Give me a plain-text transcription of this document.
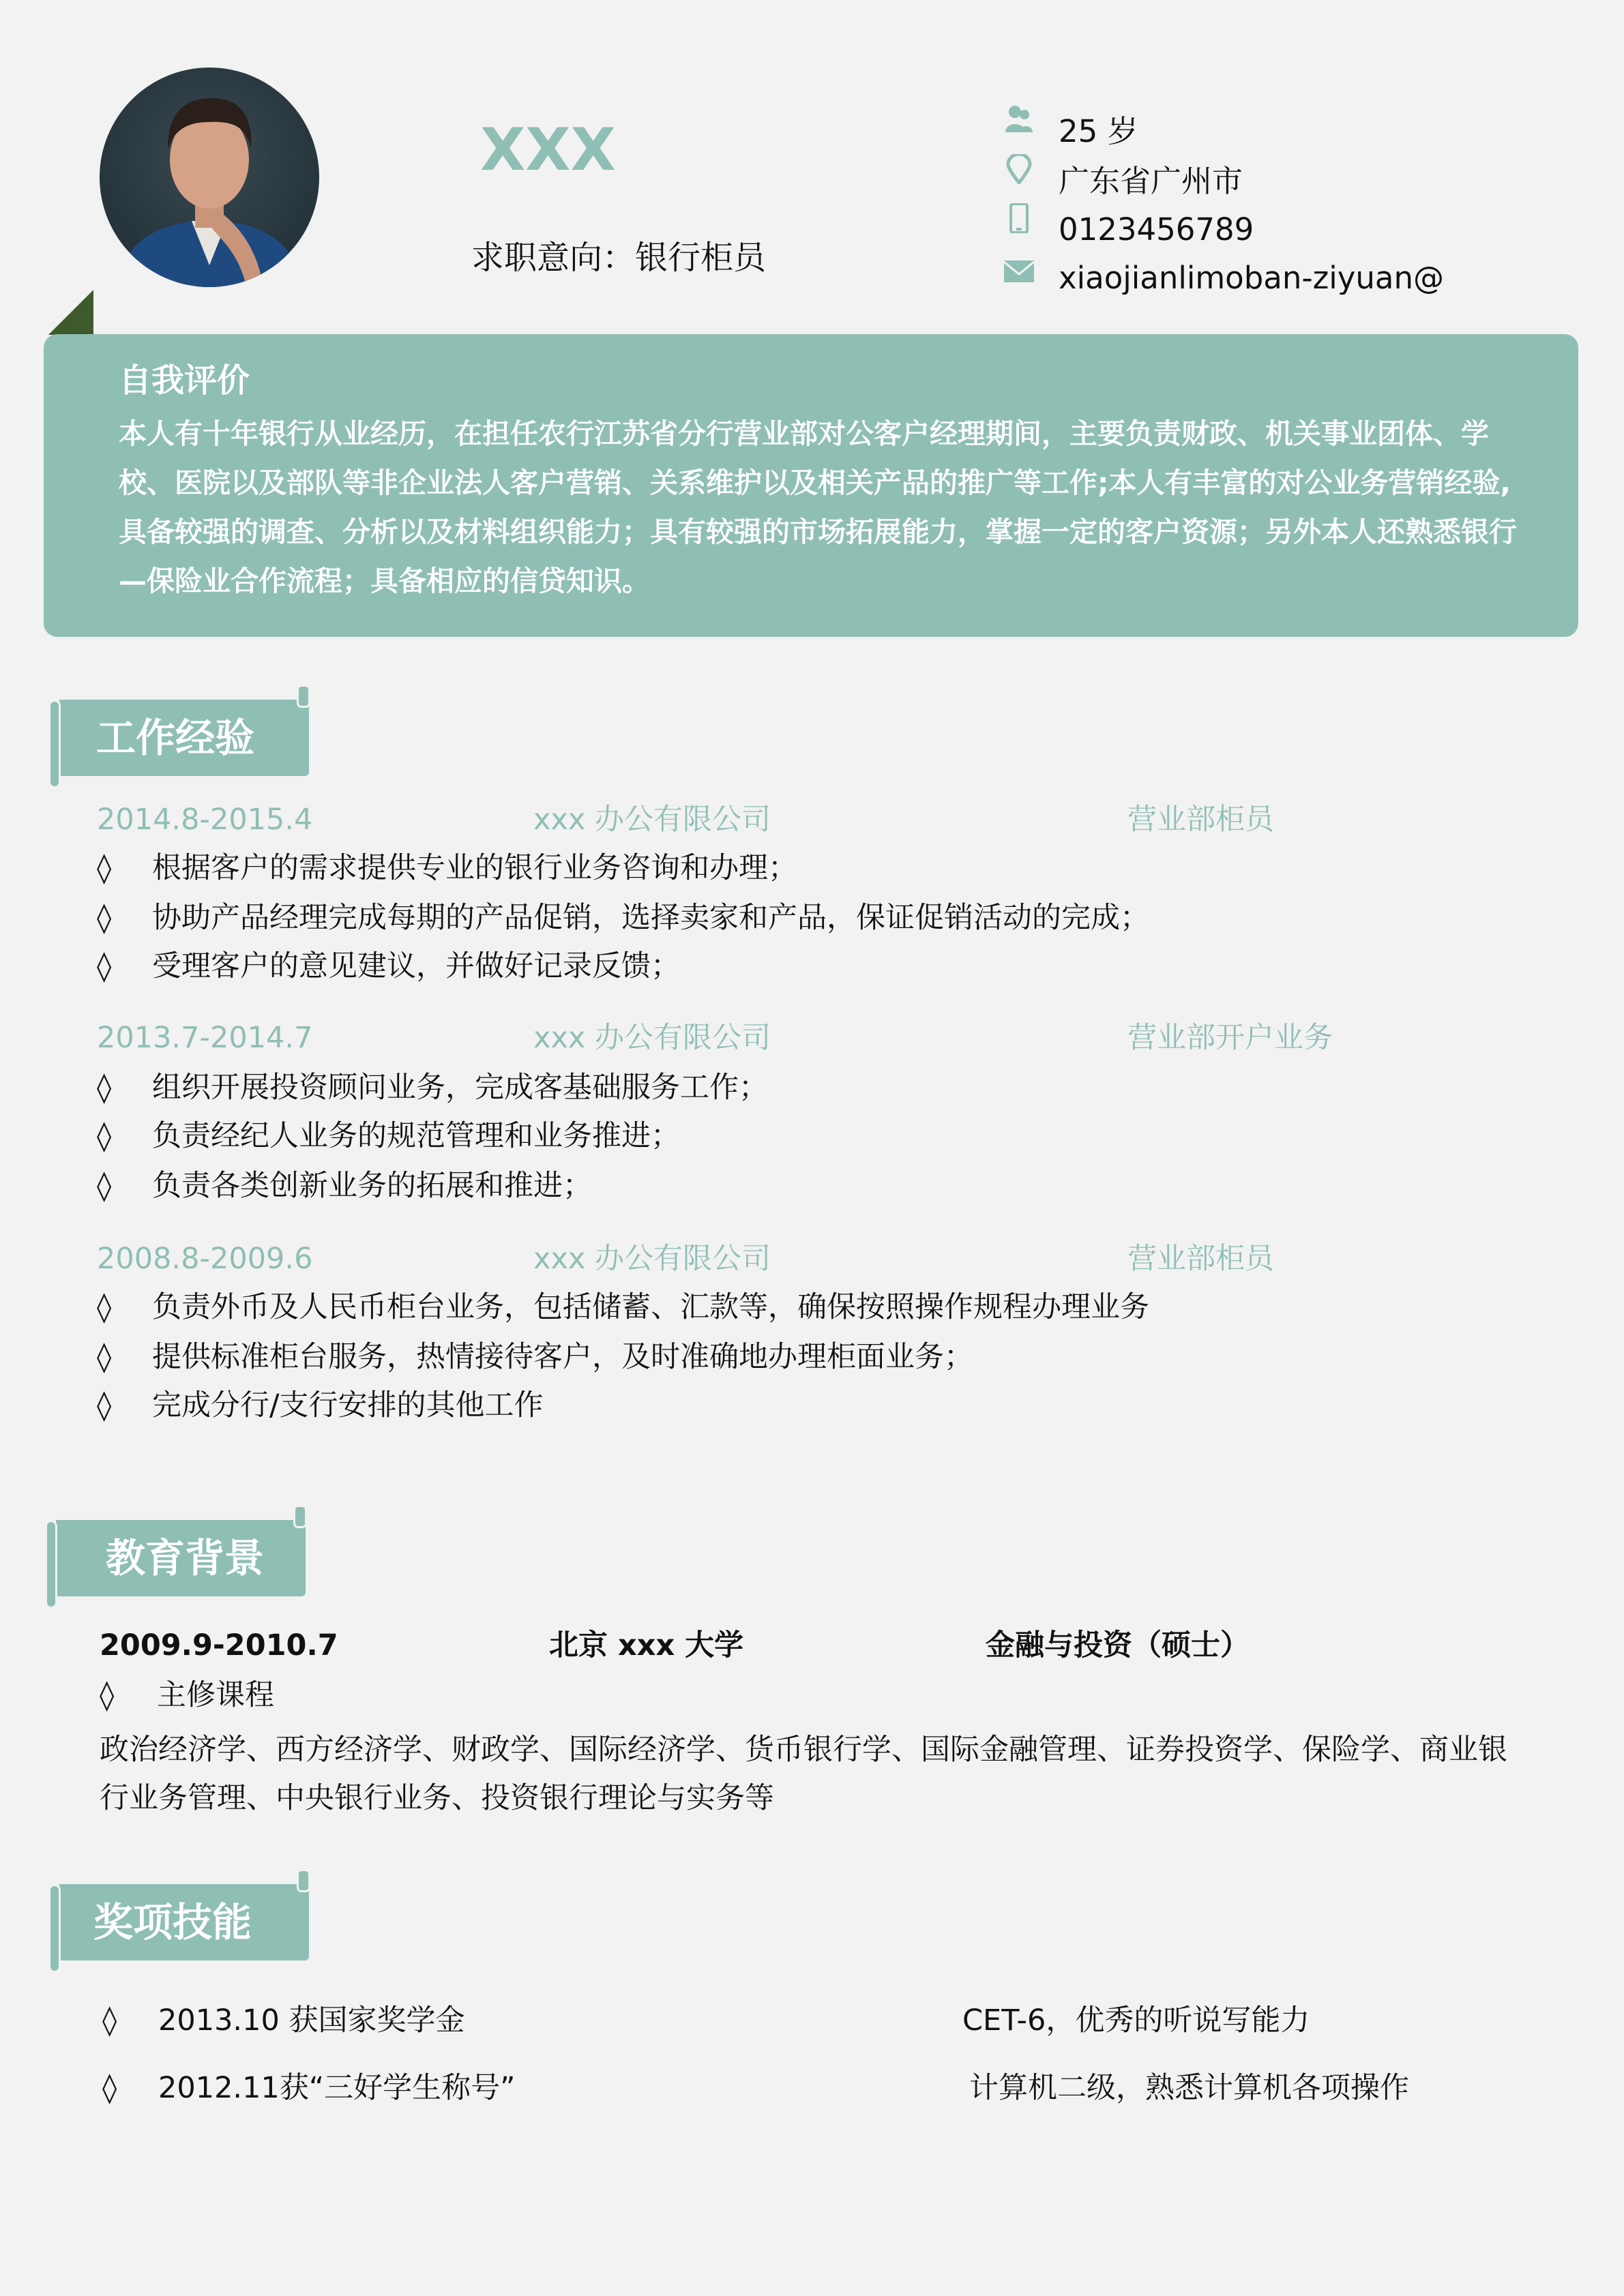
XXX
求职意向：银行柜员
25 岁
广东省广州市
0123456789
xiaojianlimoban-ziyuan@
自我评价

本人有十年银行从业经历，在担任农行江苏省分行营业部对公客户经理期间，主要负责财政、机关事业团体、学校、医院以及部队等非企业法人客户营销、关系维护以及相关产品的推广等工作;本人有丰富的对公业务营销经验,具备较强的调查、分析以及材料组织能力；具有较强的市场拓展能力，掌握一定的客户资源；另外本人还熟悉银行—保险业合作流程；具备相应的信贷知识。

工作经验
2014.8-2015.4	xxx 办公有限公司	营业部柜员
◊ 根据客户的需求提供专业的银行业务咨询和办理；
◊ 协助产品经理完成每期的产品促销，选择卖家和产品，保证促销活动的完成；
◊ 受理客户的意见建议，并做好记录反馈；
2013.7-2014.7	xxx 办公有限公司	营业部开户业务
◊ 组织开展投资顾问业务，完成客基础服务工作；
◊ 负责经纪人业务的规范管理和业务推进；
◊ 负责各类创新业务的拓展和推进；
2008.8-2009.6	xxx 办公有限公司	营业部柜员
◊ 负责外币及人民币柜台业务，包括储蓄、汇款等，确保按照操作规程办理业务
◊ 提供标准柜台服务，热情接待客户，及时准确地办理柜面业务；
◊ 完成分行/支行安排的其他工作
教育背景
2009.9-2010.7	北京 xxx 大学	金融与投资（硕士）
◊ 主修课程
政治经济学、西方经济学、财政学、国际经济学、货币银行学、国际金融管理、证券投资学、保险学、商业银行业务管理、中央银行业务、投资银行理论与实务等
奖项技能
◊ 2013.10 获国家奖学金	CET-6，优秀的听说写能力
◊ 2012.11获“三好学生称号”	计算机二级，熟悉计算机各项操作
